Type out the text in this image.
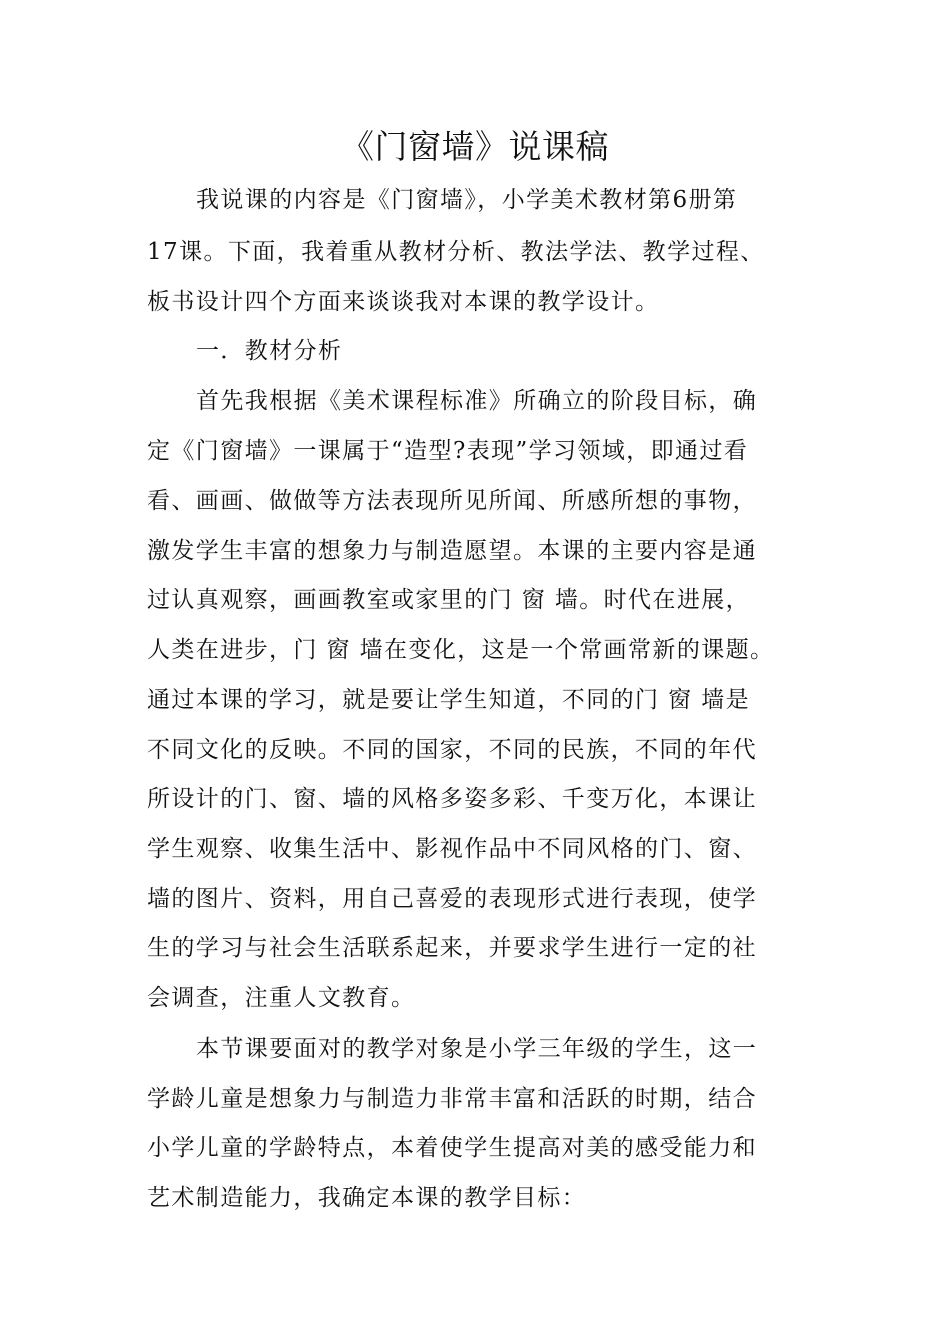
《门窗墙》说课稿
我说课的内容是《门窗墙》，小学美术教材第6册第
17课。下面，我着重从教材分析、教法学法、教学过程、
板书设计四个方面来谈谈我对本课的教学设计。
一．教材分析
首先我根据《美术课程标准》所确立的阶段目标，确
定《门窗墙》一课属于“造型?表现”学习领域，即通过看
看、画画、做做等方法表现所见所闻、所感所想的事物，
激发学生丰富的想象力与制造愿望。本课的主要内容是通
过认真观察，画画教室或家里的门 窗 墙。时代在进展，
人类在进步，门 窗 墙在变化，这是一个常画常新的课题。
通过本课的学习，就是要让学生知道，不同的门 窗 墙是
不同文化的反映。不同的国家，不同的民族，不同的年代
所设计的门、窗、墙的风格多姿多彩、千变万化，本课让
学生观察、收集生活中、影视作品中不同风格的门、窗、
墙的图片、资料，用自己喜爱的表现形式进行表现，使学
生的学习与社会生活联系起来，并要求学生进行一定的社
会调查，注重人文教育。
本节课要面对的教学对象是小学三年级的学生，这一
学龄儿童是想象力与制造力非常丰富和活跃的时期，结合
小学儿童的学龄特点，本着使学生提高对美的感受能力和
艺术制造能力，我确定本课的教学目标：
